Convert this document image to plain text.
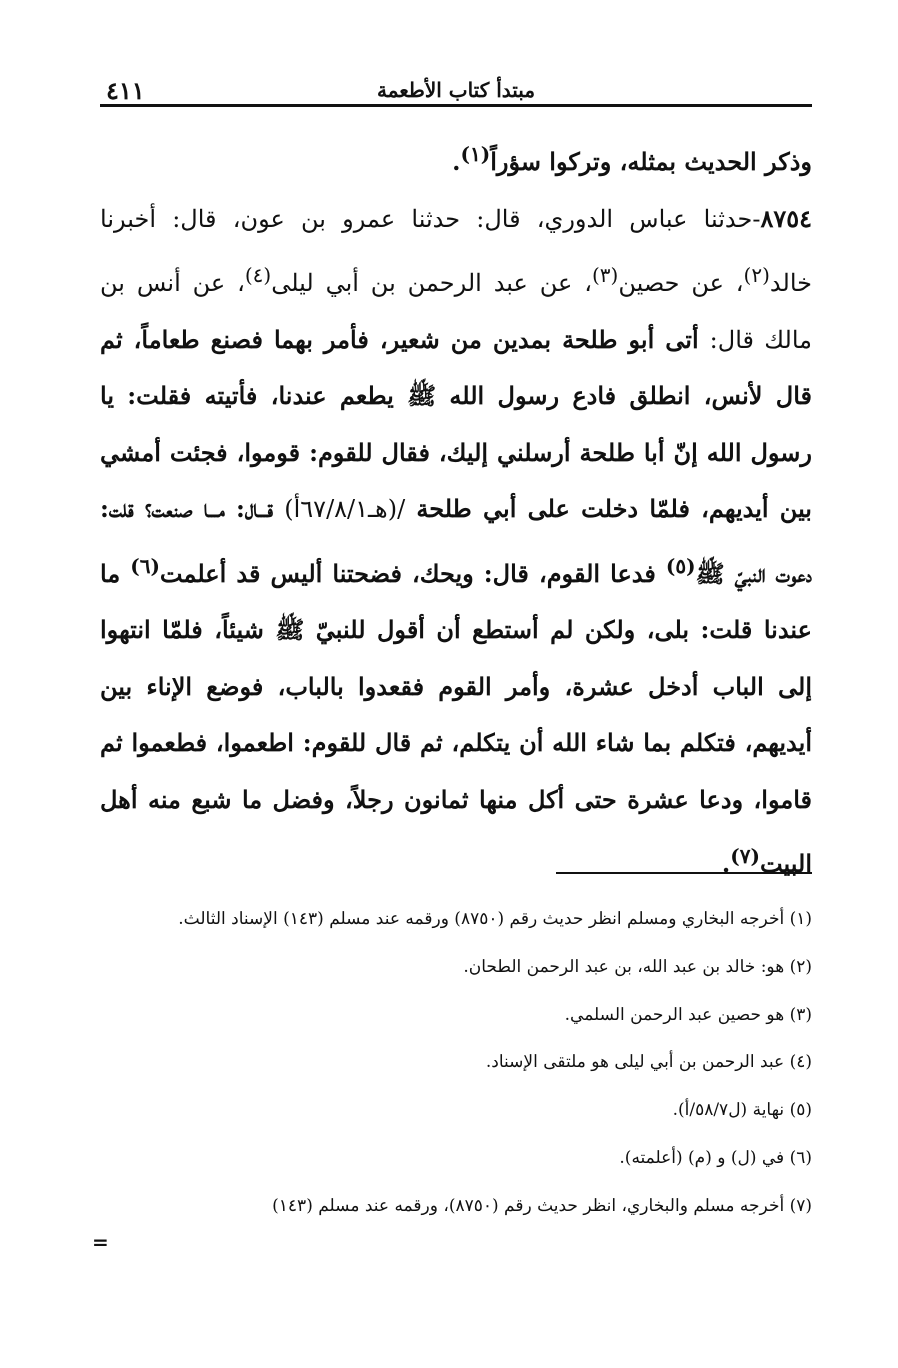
٤١١	مبتدأ كتاب الأطعمة

وذكر الحديث بمثله، وتركوا سؤراً$^{(١)}$.

٨٧٥٤-حدثنا عباس الدوري، قال: حدثنا عمرو بن عون، قال: أخبرنا خالد$^{(٢)}$، عن حصين$^{(٣)}$، عن عبد الرحمن بن أبي ليلى$^{(٤)}$، عن أنس بن مالك قال: أتى أبو طلحة بمدين من شعير، فأمر بهما فصنع طعاماً، ثم قال لأنس، انطلق فادع رسول الله ﷺ يطعم عندنا، فأتيته فقلت: يا رسول الله إنّ أبا طلحة أرسلني إليك، فقال للقوم: قوموا، فجئت أمشي بين أيديهم، فلمّا دخلت على أبي طلحة /(هـ٦٧/٨/١أ) قـــال: مـــا صنعت؟ قلت: دعوت النبيّ ﷺ$^{(٥)}$ فدعا القوم، قال: ويحك، فضحتنا أليس قد أعلمت$^{(٦)}$ ما عندنا قلت: بلى، ولكن لم أستطع أن أقول للنبيّ ﷺ شيئاً، فلمّا انتهوا إلى الباب أدخل عشرة، وأمر القوم فقعدوا بالباب، فوضع الإناء بين أيديهم، فتكلم بما شاء الله أن يتكلم، ثم قال للقوم: اطعموا، فطعموا ثم قاموا، ودعا عشرة حتى أكل منها ثمانون رجلاً، وفضل ما شبع منه أهل البيت$^{(٧)}$.

(١) أخرجه البخاري ومسلم انظر حديث رقم (٨٧٥٠) ورقمه عند مسلم (١٤٣) الإسناد الثالث.
(٢) هو: خالد بن عبد الله، بن عبد الرحمن الطحان.
(٣) هو حصين عبد الرحمن السلمي.
(٤) عبد الرحمن بن أبي ليلى هو ملتقى الإسناد.
(٥) نهاية (ل٥٨/٧/أ).
(٦) في (ل) و (م) (أعلمته).
(٧) أخرجه مسلم والبخاري، انظر حديث رقم (٨٧٥٠)، ورقمه عند مسلم (١٤٣)
=
